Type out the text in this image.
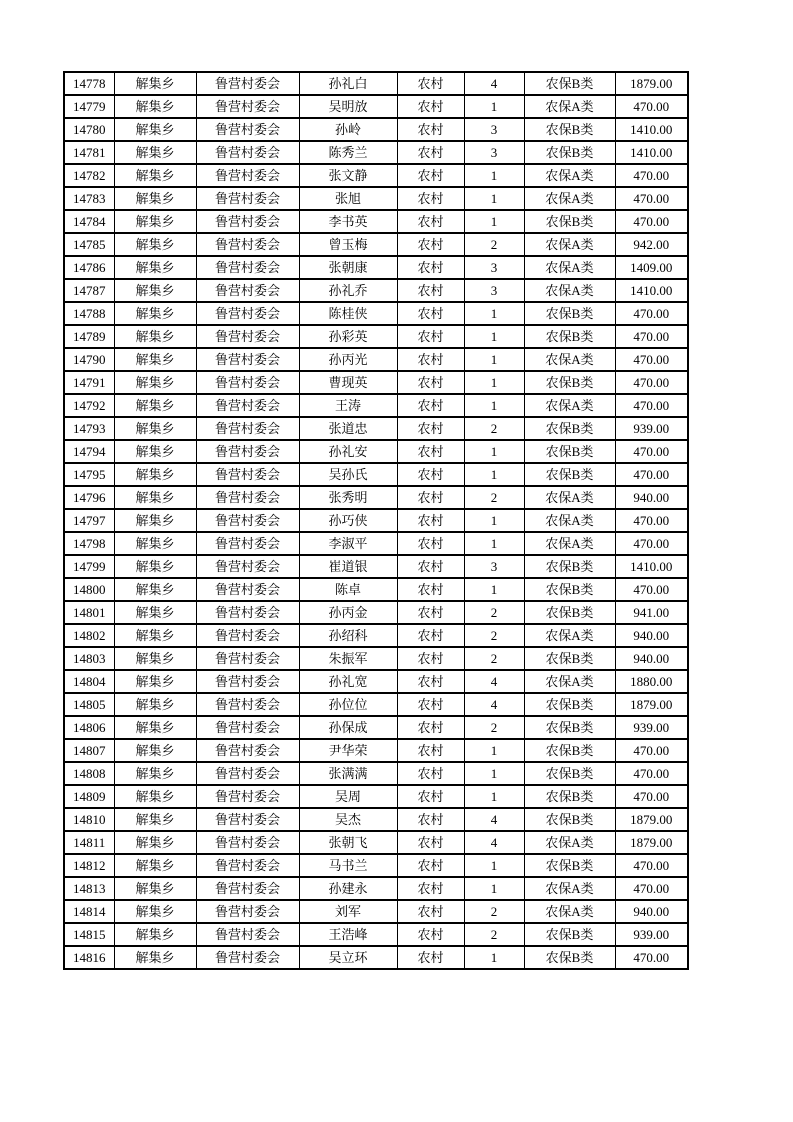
14778	解集乡	鲁营村委会	孙礼白	农村	4	农保B类	1879.00
14779	解集乡	鲁营村委会	吴明放	农村	1	农保A类	470.00
14780	解集乡	鲁营村委会	孙岭	农村	3	农保B类	1410.00
14781	解集乡	鲁营村委会	陈秀兰	农村	3	农保B类	1410.00
14782	解集乡	鲁营村委会	张文静	农村	1	农保A类	470.00
14783	解集乡	鲁营村委会	张旭	农村	1	农保A类	470.00
14784	解集乡	鲁营村委会	李书英	农村	1	农保B类	470.00
14785	解集乡	鲁营村委会	曾玉梅	农村	2	农保A类	942.00
14786	解集乡	鲁营村委会	张朝康	农村	3	农保A类	1409.00
14787	解集乡	鲁营村委会	孙礼乔	农村	3	农保A类	1410.00
14788	解集乡	鲁营村委会	陈桂侠	农村	1	农保B类	470.00
14789	解集乡	鲁营村委会	孙彩英	农村	1	农保B类	470.00
14790	解集乡	鲁营村委会	孙丙光	农村	1	农保A类	470.00
14791	解集乡	鲁营村委会	曹现英	农村	1	农保B类	470.00
14792	解集乡	鲁营村委会	王涛	农村	1	农保A类	470.00
14793	解集乡	鲁营村委会	张道忠	农村	2	农保B类	939.00
14794	解集乡	鲁营村委会	孙礼安	农村	1	农保B类	470.00
14795	解集乡	鲁营村委会	吴孙氏	农村	1	农保B类	470.00
14796	解集乡	鲁营村委会	张秀明	农村	2	农保A类	940.00
14797	解集乡	鲁营村委会	孙巧侠	农村	1	农保A类	470.00
14798	解集乡	鲁营村委会	李淑平	农村	1	农保A类	470.00
14799	解集乡	鲁营村委会	崔道银	农村	3	农保B类	1410.00
14800	解集乡	鲁营村委会	陈卓	农村	1	农保B类	470.00
14801	解集乡	鲁营村委会	孙丙金	农村	2	农保B类	941.00
14802	解集乡	鲁营村委会	孙绍科	农村	2	农保A类	940.00
14803	解集乡	鲁营村委会	朱振军	农村	2	农保B类	940.00
14804	解集乡	鲁营村委会	孙礼宽	农村	4	农保A类	1880.00
14805	解集乡	鲁营村委会	孙位位	农村	4	农保B类	1879.00
14806	解集乡	鲁营村委会	孙保成	农村	2	农保B类	939.00
14807	解集乡	鲁营村委会	尹华荣	农村	1	农保B类	470.00
14808	解集乡	鲁营村委会	张满满	农村	1	农保B类	470.00
14809	解集乡	鲁营村委会	吴周	农村	1	农保B类	470.00
14810	解集乡	鲁营村委会	吴杰	农村	4	农保B类	1879.00
14811	解集乡	鲁营村委会	张朝飞	农村	4	农保A类	1879.00
14812	解集乡	鲁营村委会	马书兰	农村	1	农保B类	470.00
14813	解集乡	鲁营村委会	孙建永	农村	1	农保A类	470.00
14814	解集乡	鲁营村委会	刘军	农村	2	农保A类	940.00
14815	解集乡	鲁营村委会	王浩峰	农村	2	农保B类	939.00
14816	解集乡	鲁营村委会	吴立环	农村	1	农保B类	470.00
